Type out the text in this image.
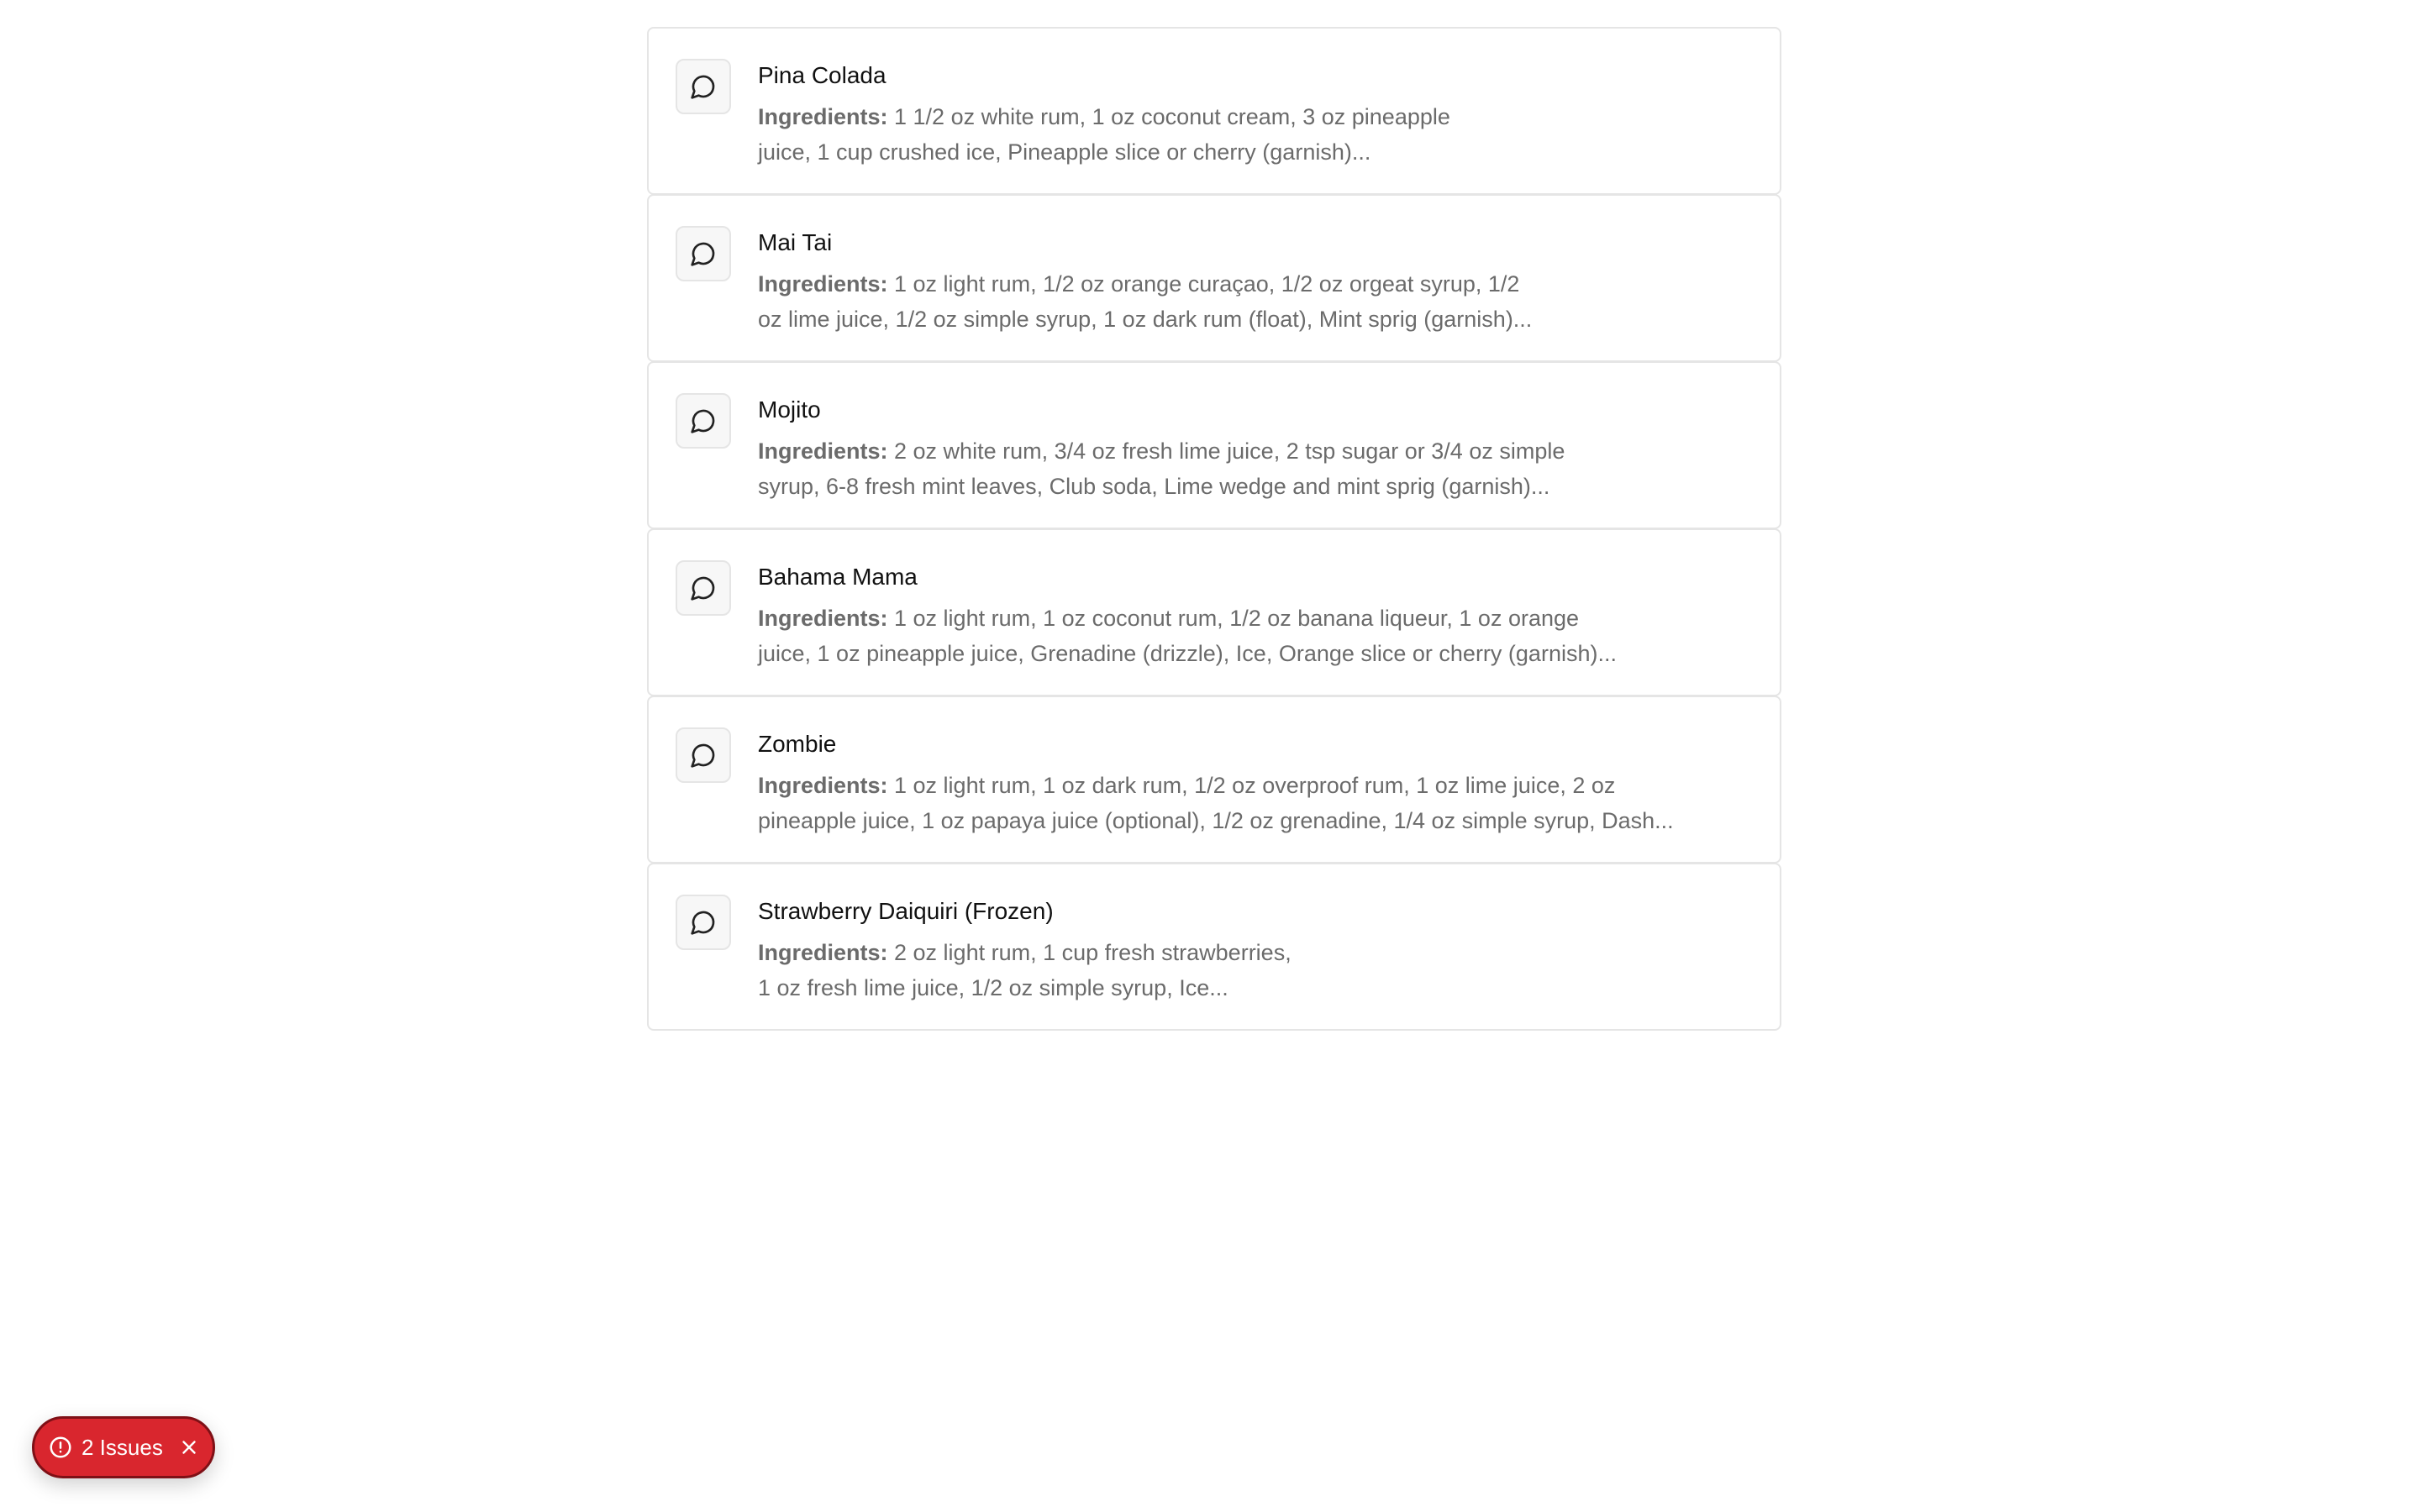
Pina Colada
Ingredients: 1 1/2 oz white rum, 1 oz coconut cream, 3 oz pineapple
juice, 1 cup crushed ice, Pineapple slice or cherry (garnish)...
Mai Tai
Ingredients: 1 oz light rum, 1/2 oz orange curaçao, 1/2 oz orgeat syrup, 1/2
oz lime juice, 1/2 oz simple syrup, 1 oz dark rum (float), Mint sprig (garnish)...
Mojito
Ingredients: 2 oz white rum, 3/4 oz fresh lime juice, 2 tsp sugar or 3/4 oz simple
syrup, 6-8 fresh mint leaves, Club soda, Lime wedge and mint sprig (garnish)...
Bahama Mama
Ingredients: 1 oz light rum, 1 oz coconut rum, 1/2 oz banana liqueur, 1 oz orange
juice, 1 oz pineapple juice, Grenadine (drizzle), Ice, Orange slice or cherry (garnish)...
Zombie
Ingredients: 1 oz light rum, 1 oz dark rum, 1/2 oz overproof rum, 1 oz lime juice, 2 oz
pineapple juice, 1 oz papaya juice (optional), 1/2 oz grenadine, 1/4 oz simple syrup, Dash...
Strawberry Daiquiri (Frozen)
Ingredients: 2 oz light rum, 1 cup fresh strawberries,
1 oz fresh lime juice, 1/2 oz simple syrup, Ice...
2 Issues
